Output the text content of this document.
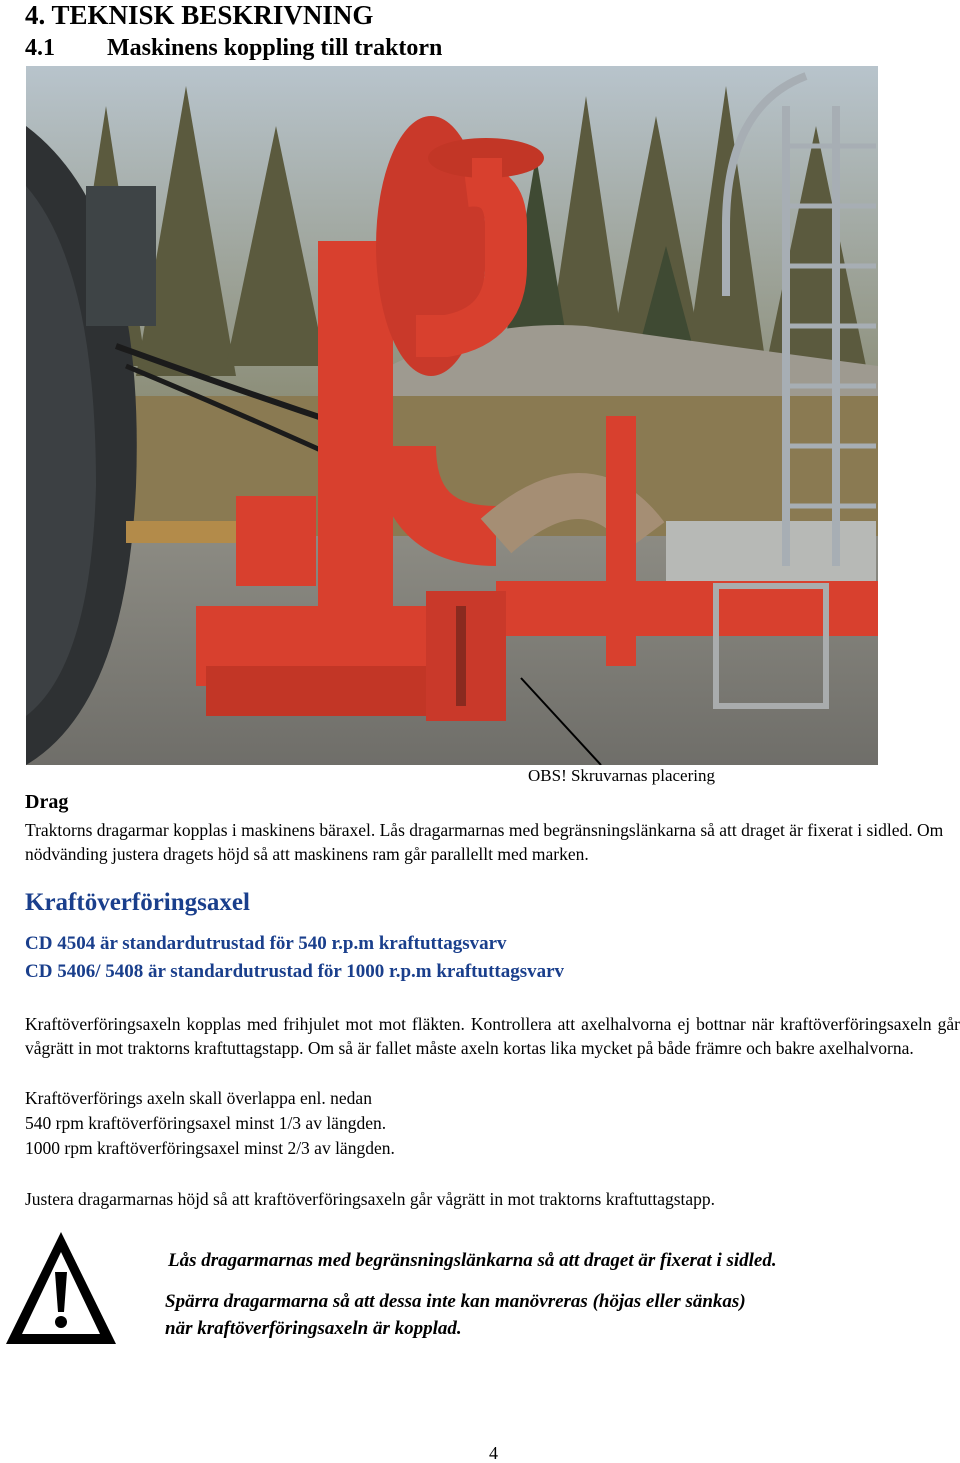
4. TEKNISK BESKRIVNING
4.1 Maskinens koppling till traktorn
OBS! Skruvarnas placering
Drag
Traktorns dragarmar kopplas i maskinens bäraxel. Lås dragarmarnas med begränsningslänkarna så att draget är fixerat i sidled. Om nödvänding justera dragets höjd så att maskinens ram går parallellt med marken.
Kraftöverföringsaxel
CD 4504 är standardutrustad för 540 r.p.m kraftuttagsvarv
CD 5406/ 5408 är standardutrustad för 1000 r.p.m kraftuttagsvarv
Kraftöverföringsaxeln kopplas med frihjulet mot mot fläkten. Kontrollera att axelhalvorna ej bottnar när kraftöverföringsaxeln går vågrätt in mot traktorns kraftuttagstapp. Om så är fallet måste axeln kortas lika mycket på både främre och bakre axelhalvorna.
Kraftöverförings axeln skall överlappa enl. nedan
540 rpm kraftöverföringsaxel minst 1/3 av längden.
1000 rpm kraftöverföringsaxel minst 2/3 av längden.
Justera dragarmarnas höjd så att kraftöverföringsaxeln går vågrätt in mot traktorns kraftuttagstapp.
Lås dragarmarnas med begränsningslänkarna så att draget är fixerat i sidled.
Spärra dragarmarna så att dessa inte kan manövreras (höjas eller sänkas)
när kraftöverföringsaxeln är kopplad.
4
